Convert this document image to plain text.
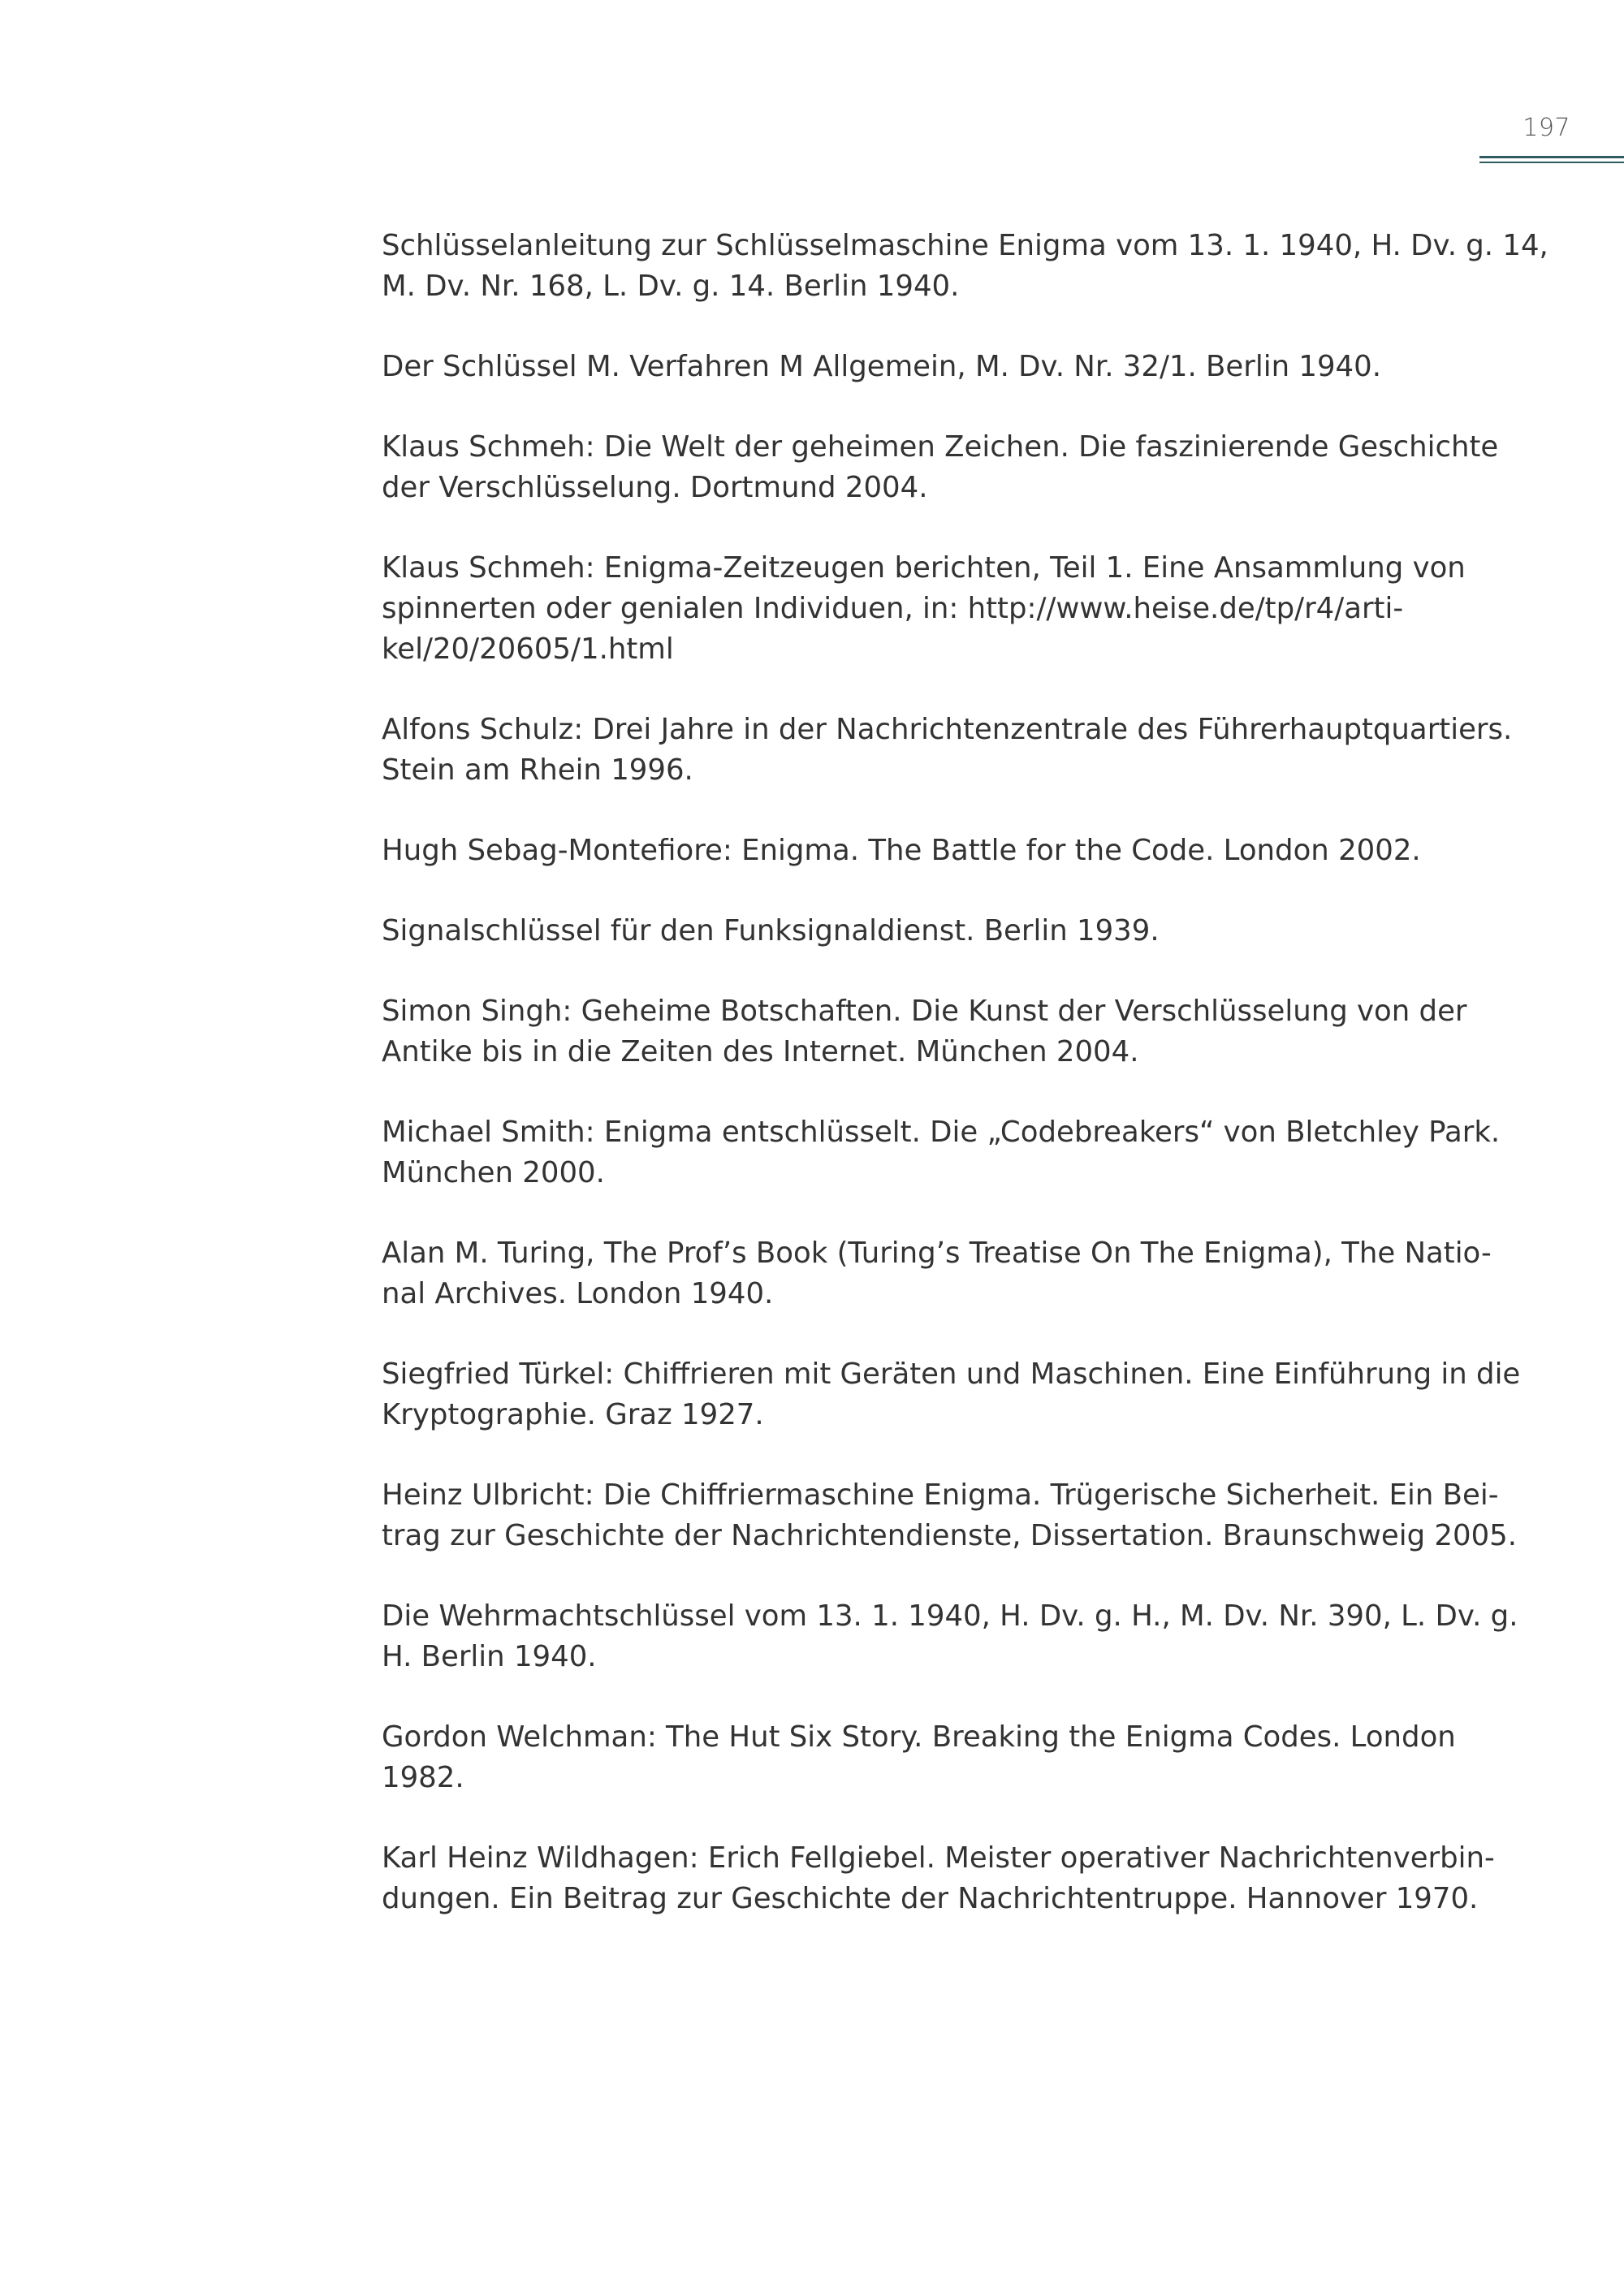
197
Schlüsselanleitung zur Schlüsselmaschine Enigma vom 13. 1. 1940, H. Dv. g. 14,
M. Dv. Nr. 168, L. Dv. g. 14. Berlin 1940.
Der Schlüssel M. Verfahren M Allgemein, M. Dv. Nr. 32/1. Berlin 1940.
Klaus Schmeh: Die Welt der geheimen Zeichen. Die faszinierende Geschichte
der Verschlüsselung. Dortmund 2004.
Klaus Schmeh: Enigma-Zeitzeugen berichten, Teil 1. Eine Ansammlung von
spinnerten oder genialen Individuen, in: http://www.heise.de/tp/r4/arti-
kel/20/20605/1.html
Alfons Schulz: Drei Jahre in der Nachrichtenzentrale des Führerhauptquartiers.
Stein am Rhein 1996.
Hugh Sebag-Montefiore: Enigma. The Battle for the Code. London 2002.
Signalschlüssel für den Funksignaldienst. Berlin 1939.
Simon Singh: Geheime Botschaften. Die Kunst der Verschlüsselung von der
Antike bis in die Zeiten des Internet. München 2004.
Michael Smith: Enigma entschlüsselt. Die „Codebreakers“ von Bletchley Park.
München 2000.
Alan M. Turing, The Prof’s Book (Turing’s Treatise On The Enigma), The Natio-
nal Archives. London 1940.
Siegfried Türkel: Chiffrieren mit Geräten und Maschinen. Eine Einführung in die
Kryptographie. Graz 1927.
Heinz Ulbricht: Die Chiffriermaschine Enigma. Trügerische Sicherheit. Ein Bei-
trag zur Geschichte der Nachrichtendienste, Dissertation. Braunschweig 2005.
Die Wehrmachtschlüssel vom 13. 1. 1940, H. Dv. g. H., M. Dv. Nr. 390, L. Dv. g.
H. Berlin 1940.
Gordon Welchman: The Hut Six Story. Breaking the Enigma Codes. London
1982.
Karl Heinz Wildhagen: Erich Fellgiebel. Meister operativer Nachrichtenverbin-
dungen. Ein Beitrag zur Geschichte der Nachrichtentruppe. Hannover 1970.
